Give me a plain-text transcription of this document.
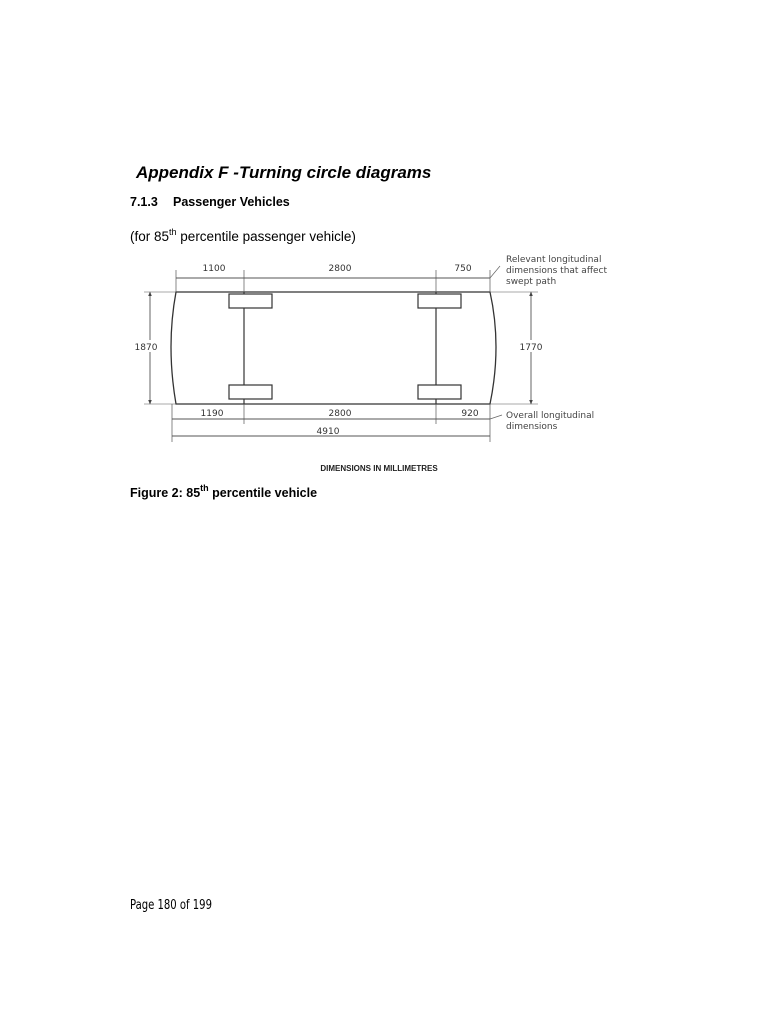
Appendix F -Turning circle diagrams
7.1.3 Passenger Vehicles
(for 85th percentile passenger vehicle)
1100	2800	750
Relevant longitudinal dimensions that affect swept path
1870	1770
1190	2800	920	Overall longitudinal dimensions
4910
DIMENSIONS IN MILLIMETRES
Figure 2: 85th percentile vehicle
Page 180 of 199
